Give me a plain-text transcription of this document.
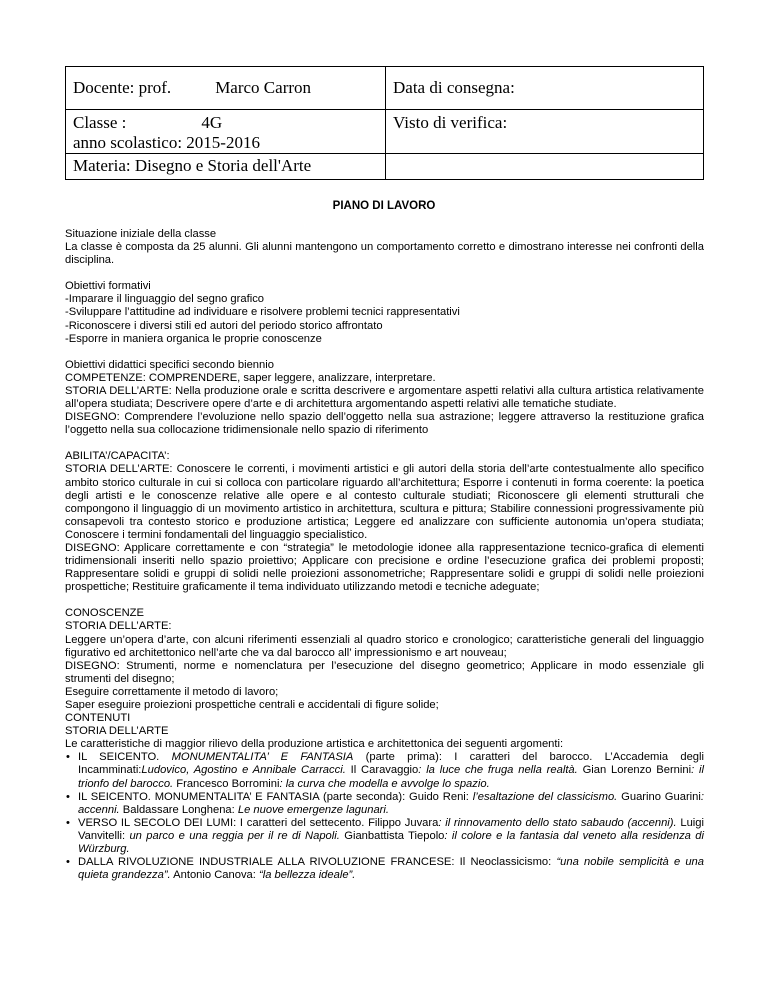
Docente: prof. Marco Carron	Data di consegna:

Classe : 4G
anno scolastico: 2015-2016	Visto di verifica:
Materia: Disegno e Storia dell'Arte	
PIANO DI LAVORO

Situazione iniziale della classe

La classe è composta da 25 alunni. Gli alunni mantengono un comportamento corretto e dimostrano interesse nei confronti della disciplina.

Obiettivi formativi

-Imparare il linguaggio del segno grafico

-Sviluppare l’attitudine ad individuare e risolvere problemi tecnici rappresentativi

-Riconoscere i diversi stili ed autori del periodo storico affrontato

-Esporre in maniera organica le proprie conoscenze

Obiettivi didattici specifici secondo biennio

COMPETENZE: COMPRENDERE, saper leggere, analizzare, interpretare.

STORIA DELL’ARTE: Nella produzione orale e scritta descrivere e argomentare aspetti relativi alla cultura artistica relativamente all’opera studiata; Descrivere opere d’arte e di architettura argomentando aspetti relativi alle tematiche studiate.

DISEGNO: Comprendere l’evoluzione nello spazio dell’oggetto nella sua astrazione; leggere attraverso la restituzione grafica l’oggetto nella sua collocazione tridimensionale nello spazio di riferimento

ABILITA’/CAPACITA’:

STORIA DELL’ARTE: Conoscere le correnti, i movimenti artistici e gli autori della storia dell’arte contestualmente allo specifico ambito storico culturale in cui si colloca con particolare riguardo all’architettura; Esporre i contenuti in forma coerente: la poetica degli artisti e le conoscenze relative alle opere e al contesto culturale studiati; Riconoscere gli elementi strutturali che compongono il linguaggio di un movimento artistico in architettura, scultura e pittura; Stabilire connessioni progressivamente più consapevoli tra contesto storico e produzione artistica; Leggere ed analizzare con sufficiente autonomia un’opera studiata; Conoscere i termini fondamentali del linguaggio specialistico.

DISEGNO: Applicare correttamente e con “strategia” le metodologie idonee alla rappresentazione tecnico-grafica di elementi tridimensionali inseriti nello spazio proiettivo; Applicare con precisione e ordine l’esecuzione grafica dei problemi proposti; Rappresentare solidi e gruppi di solidi nelle proiezioni assonometriche; Rappresentare solidi e gruppi di solidi nelle proiezioni prospettiche; Restituire graficamente il tema individuato utilizzando metodi e tecniche adeguate;

CONOSCENZE

STORIA DELL’ARTE:

Leggere un’opera d’arte, con alcuni riferimenti essenziali al quadro storico e cronologico; caratteristiche generali del linguaggio figurativo ed architettonico nell’arte che va dal barocco all’ impressionismo e art nouveau;

DISEGNO: Strumenti, norme e nomenclatura per l’esecuzione del disegno geometrico; Applicare in modo essenziale gli strumenti del disegno;

Eseguire correttamente il metodo di lavoro;

Saper eseguire proiezioni prospettiche centrali e accidentali di figure solide;

CONTENUTI

STORIA DELL’ARTE

Le caratteristiche di maggior rilievo della produzione artistica e architettonica dei seguenti argomenti:

• IL SEICENTO. MONUMENTALITA’ E FANTASIA (parte prima): I caratteri del barocco. L’Accademia degli Incamminati:Ludovico, Agostino e Annibale Carracci. Il Caravaggio: la luce che fruga nella realtà. Gian Lorenzo Bernini: il trionfo del barocco. Francesco Borromini: la curva che modella e avvolge lo spazio.
• IL SEICENTO. MONUMENTALITA’ E FANTASIA (parte seconda): Guido Reni: l’esaltazione del classicismo. Guarino Guarini: accenni. Baldassare Longhena: Le nuove emergenze lagunari.
• VERSO IL SECOLO DEI LUMI: I caratteri del settecento. Filippo Juvara: il rinnovamento dello stato sabaudo (accenni). Luigi Vanvitelli: un parco e una reggia per il re di Napoli. Gianbattista Tiepolo: il colore e la fantasia dal veneto alla residenza di Würzburg.
• DALLA RIVOLUZIONE INDUSTRIALE ALLA RIVOLUZIONE FRANCESE: Il Neoclassicismo: “una nobile semplicità e una quieta grandezza”. Antonio Canova: “la bellezza ideale”.
